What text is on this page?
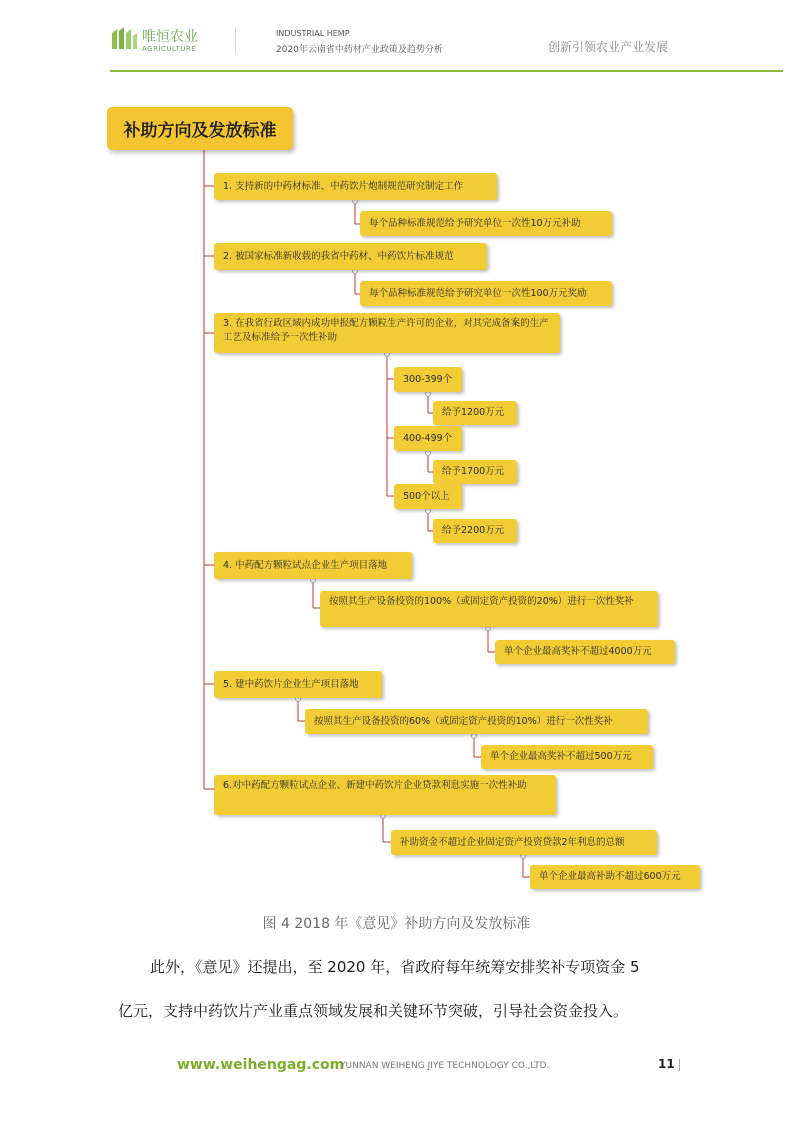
唯恒农业
AGRICULTURE
INDUSTRIAL HEMP
2020年云南省中药材产业政策及趋势分析	创新引领农业产业发展
补助方向及发放标准
1. 支持新的中药材标准、中药饮片炮制规范研究制定工作
每个品种标准规范给予研究单位一次性10万元补助
2. 被国家标准新收载的我省中药材、中药饮片标准规范
每个品种标准规范给予研究单位一次性100万元奖励
3. 在我省行政区域内成功申报配方颗粒生产许可的企业，对其完成备案的生产工艺及标准给予一次性补助
300-399个
给予1200万元
400-499个
给予1700万元
500个以上
给予2200万元
4. 中药配方颗粒试点企业生产项目落地
按照其生产设备投资的100%（或固定资产投资的20%）进行一次性奖补
单个企业最高奖补不超过4000万元
5. 建中药饮片企业生产项目落地
按照其生产设备投资的60%（或固定资产投资的10%）进行一次性奖补
单个企业最高奖补不超过500万元
6.对中药配方颗粒试点企业、新建中药饮片企业贷款利息实施一次性补助
补助资金不超过企业固定资产投资贷款2年利息的总额
单个企业最高补助不超过600万元
图 4 2018 年《意见》补助方向及发放标准
此外，《意见》还提出，至 2020 年，省政府每年统筹安排奖补专项资金 5
亿元，支持中药饮片产业重点领域发展和关键环节突破，引导社会资金投入。
www.weihengag.com
YUNNAN WEIHENG JIYE TECHNOLOGY CO.,LTD.	11
